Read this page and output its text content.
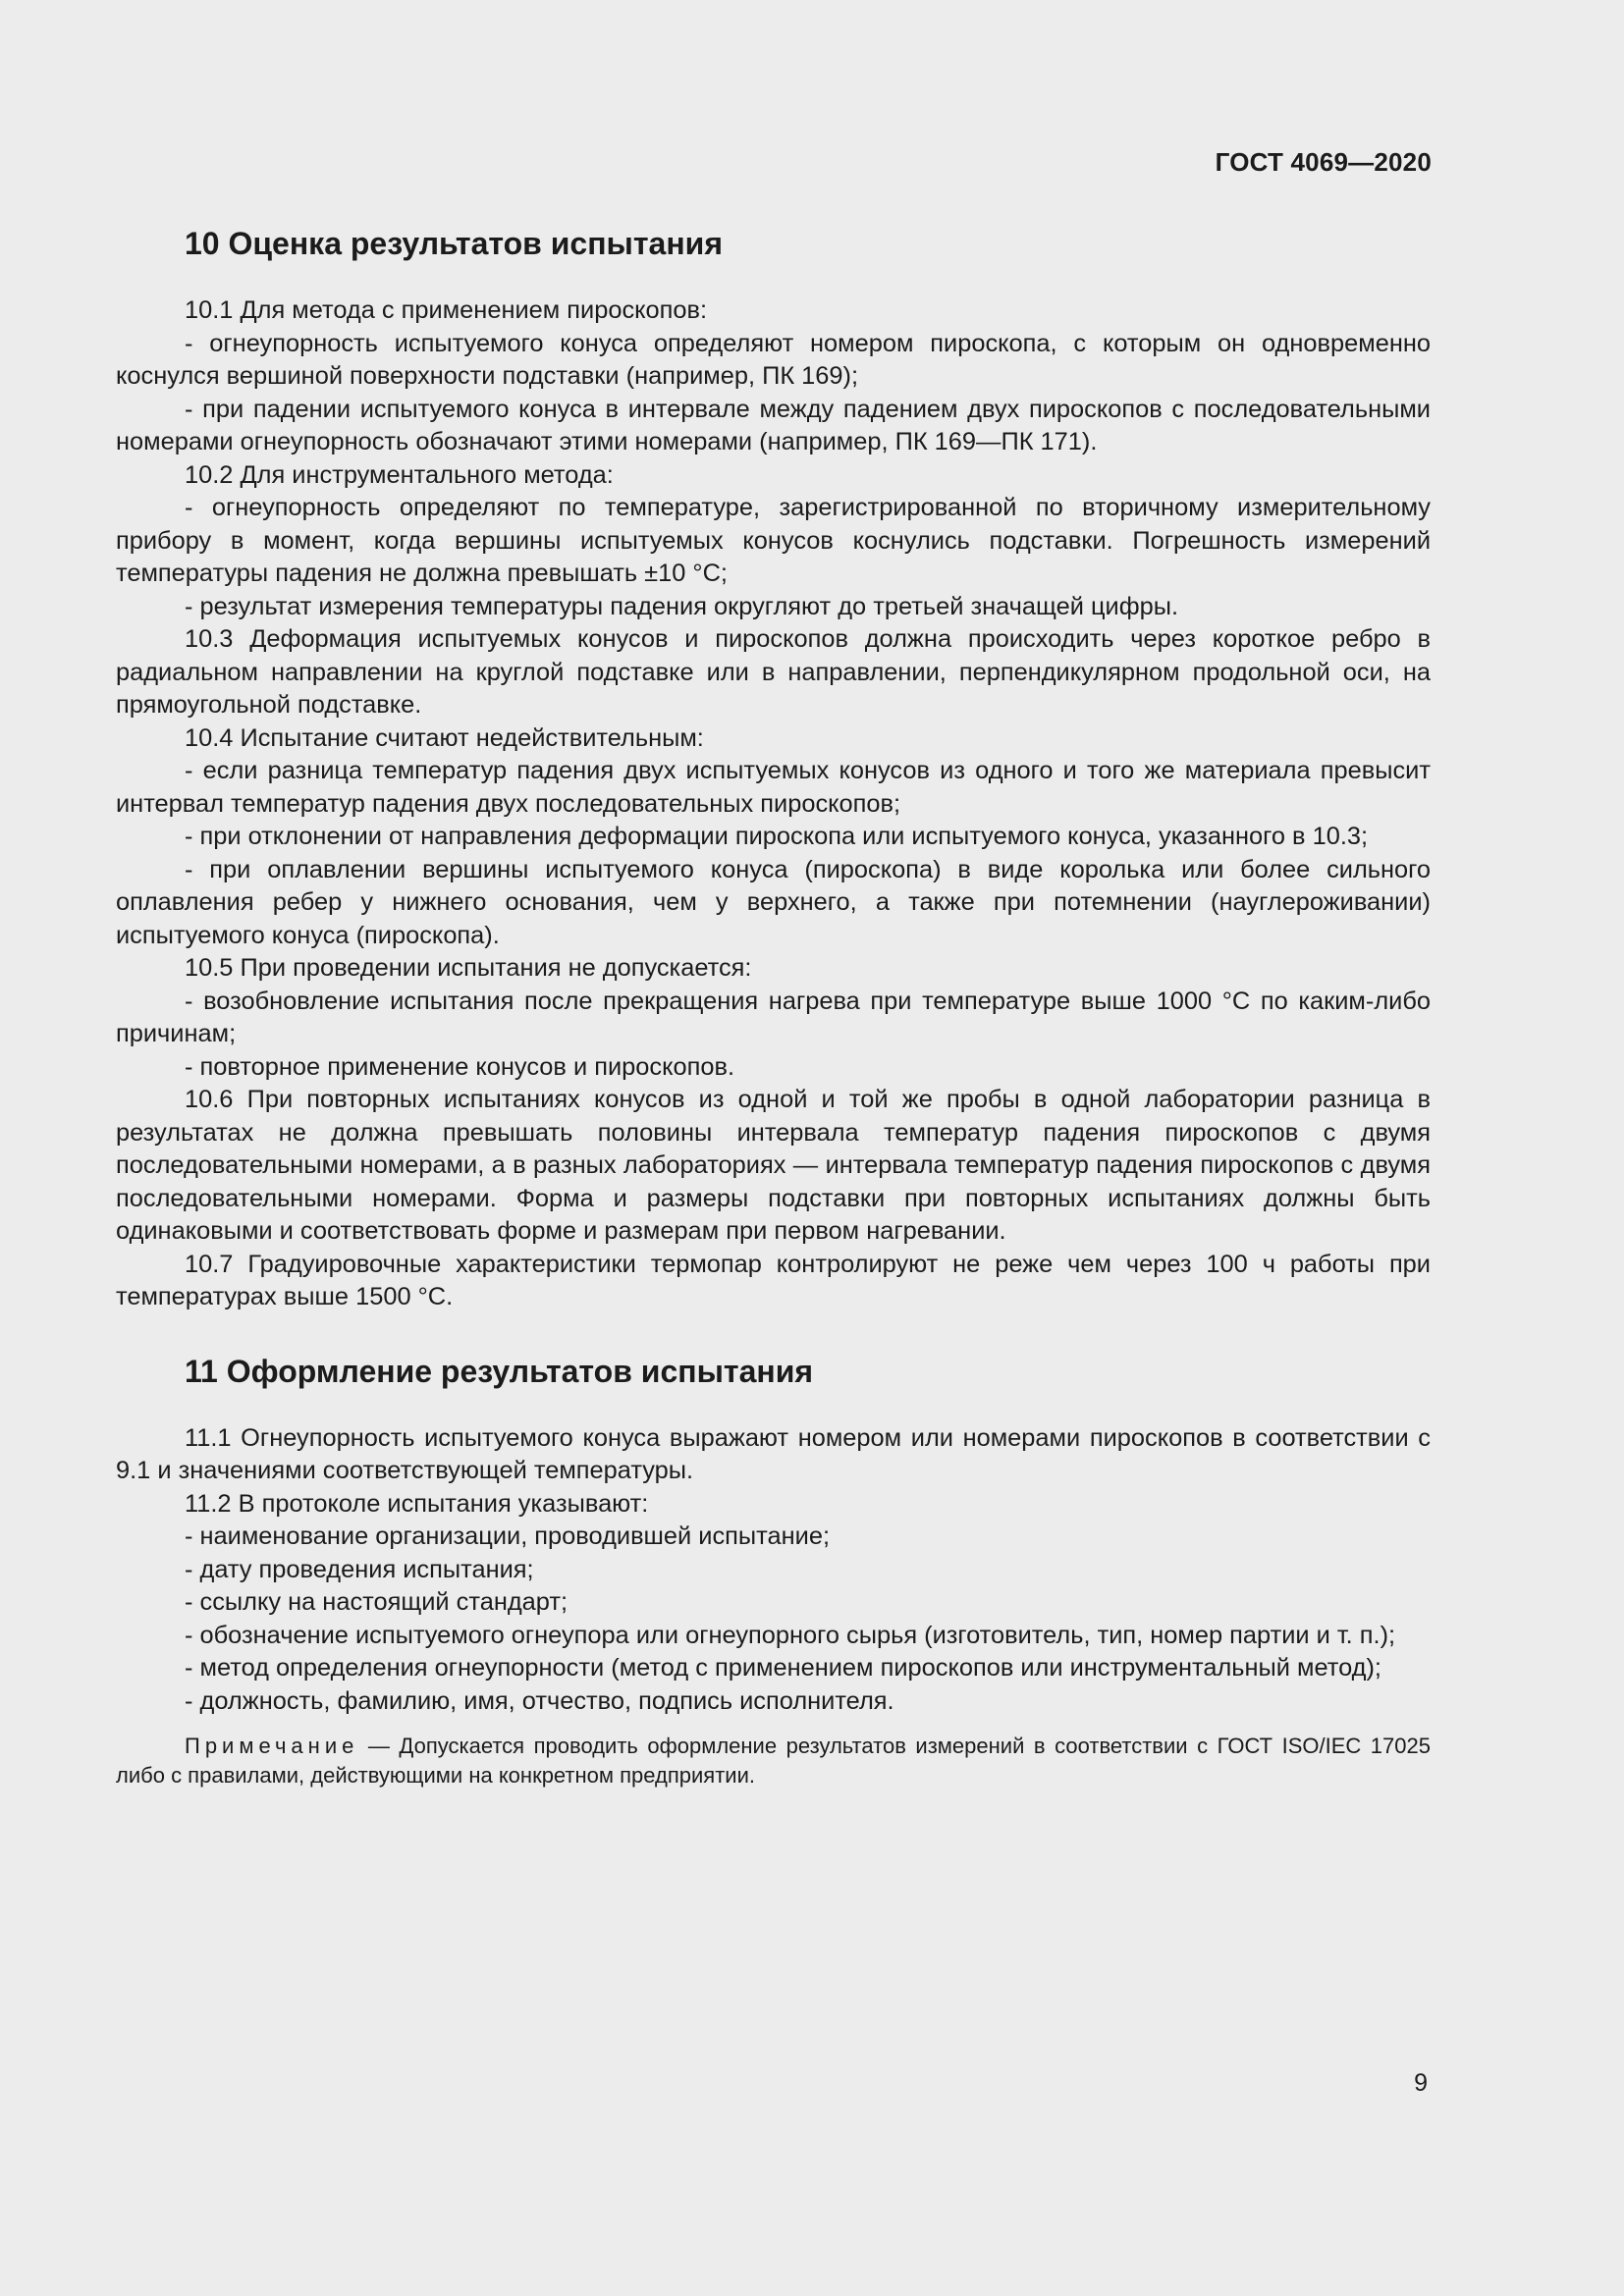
ГОСТ 4069—2020
10 Оценка результатов испытания

10.1 Для метода с применением пироскопов:

- огнеупорность испытуемого конуса определяют номером пироскопа, с которым он одновременно коснулся вершиной поверхности подставки (например, ПК 169);

- при падении испытуемого конуса в интервале между падением двух пироскопов с последовательными номерами огнеупорность обозначают этими номерами (например, ПК 169—ПК 171).

10.2 Для инструментального метода:

- огнеупорность определяют по температуре, зарегистрированной по вторичному измерительному прибору в момент, когда вершины испытуемых конусов коснулись подставки. Погрешность измерений температуры падения не должна превышать ±10 °С;

- результат измерения температуры падения округляют до третьей значащей цифры.

10.3 Деформация испытуемых конусов и пироскопов должна происходить через короткое ребро в радиальном направлении на круглой подставке или в направлении, перпендикулярном продольной оси, на прямоугольной подставке.

10.4 Испытание считают недействительным:

- если разница температур падения двух испытуемых конусов из одного и того же материала превысит интервал температур падения двух последовательных пироскопов;

- при отклонении от направления деформации пироскопа или испытуемого конуса, указанного в 10.3;

- при оплавлении вершины испытуемого конуса (пироскопа) в виде королька или более сильного оплавления ребер у нижнего основания, чем у верхнего, а также при потемнении (науглероживании) испытуемого конуса (пироскопа).

10.5 При проведении испытания не допускается:

- возобновление испытания после прекращения нагрева при температуре выше 1000 °С по каким-либо причинам;

- повторное применение конусов и пироскопов.

10.6 При повторных испытаниях конусов из одной и той же пробы в одной лаборатории разница в результатах не должна превышать половины интервала температур падения пироскопов с двумя последовательными номерами, а в разных лабораториях — интервала температур падения пироскопов с двумя последовательными номерами. Форма и размеры подставки при повторных испытаниях должны быть одинаковыми и соответствовать форме и размерам при первом нагревании.

10.7 Градуировочные характеристики термопар контролируют не реже чем через 100 ч работы при температурах выше 1500 °С.

11 Оформление результатов испытания

11.1 Огнеупорность испытуемого конуса выражают номером или номерами пироскопов в соответствии с 9.1 и значениями соответствующей температуры.

11.2 В протоколе испытания указывают:

- наименование организации, проводившей испытание;

- дату проведения испытания;

- ссылку на настоящий стандарт;

- обозначение испытуемого огнеупора или огнеупорного сырья (изготовитель, тип, номер партии и т. п.);

- метод определения огнеупорности (метод с применением пироскопов или инструментальный метод);

- должность, фамилию, имя, отчество, подпись исполнителя.

Примечание — Допускается проводить оформление результатов измерений в соответствии с ГОСТ ISO/IEC 17025 либо с правилами, действующими на конкретном предприятии.
9
